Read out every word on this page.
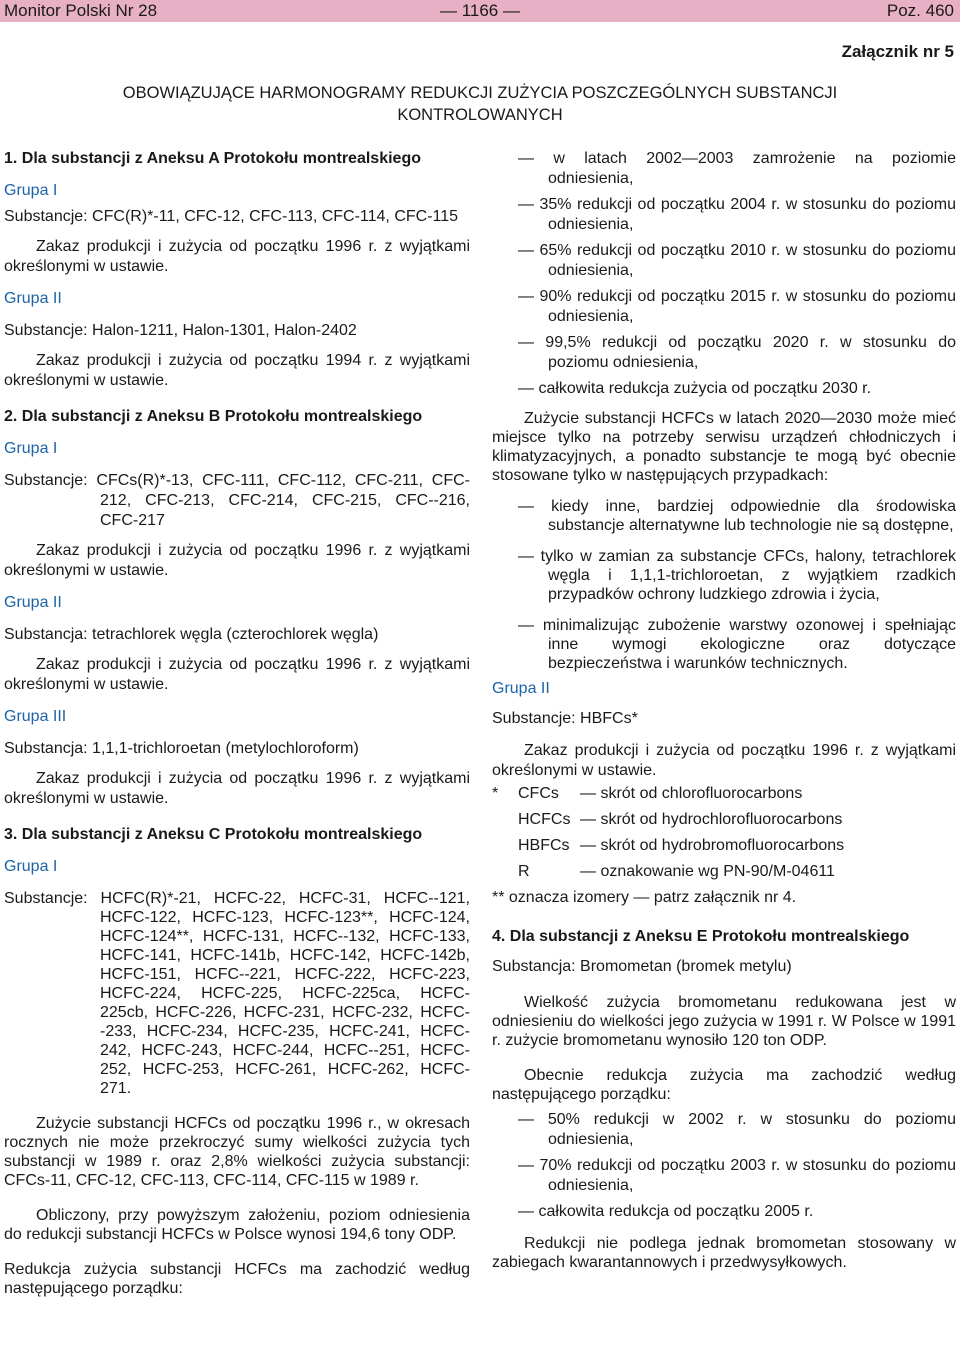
Monitor Polski Nr 28	— 1166 —	Poz. 460
Załącznik nr 5
OBOWIĄZUJĄCE HARMONOGRAMY REDUKCJI ZUŻYCIA POSZCZEGÓLNYCH SUBSTANCJI
KONTROLOWANYCH

1. Dla substancji z Aneksu A Protokołu montrealskiego

Grupa I

Substancje: CFC(R)*-11, CFC-12, CFC-113, CFC-114, CFC-115

Zakaz produkcji i zużycia od początku 1996 r. z wyjątkami określonymi w ustawie.

Grupa II

Substancje: Halon-1211, Halon-1301, Halon-2402

Zakaz produkcji i zużycia od początku 1994 r. z wyjątkami określonymi w ustawie.

2. Dla substancji z Aneksu B Protokołu montrealskiego

Grupa I

Substancje: CFCs(R)*-13, CFC-111, CFC-112, CFC-211, CFC-212, CFC-213, CFC-214, CFC-215, CFC--216, CFC-217

Zakaz produkcji i zużycia od początku 1996 r. z wyjątkami określonymi w ustawie.

Grupa II

Substancja: tetrachlorek węgla (czterochlorek węgla)

Zakaz produkcji i zużycia od początku 1996 r. z wyjątkami określonymi w ustawie.

Grupa III

Substancja: 1,1,1-trichloroetan (metylochloroform)

Zakaz produkcji i zużycia od początku 1996 r. z wyjątkami określonymi w ustawie.

3. Dla substancji z Aneksu C Protokołu montrealskiego

Grupa I

Substancje: HCFC(R)*-21, HCFC-22, HCFC-31, HCFC--121, HCFC-122, HCFC-123, HCFC-123**, HCFC-124, HCFC-124**, HCFC-131, HCFC--132, HCFC-133, HCFC-141, HCFC-141b, HCFC-142, HCFC-142b, HCFC-151, HCFC--221, HCFC-222, HCFC-223, HCFC-224, HCFC-225, HCFC-225ca, HCFC-225cb, HCFC-226, HCFC-231, HCFC-232, HCFC--233, HCFC-234, HCFC-235, HCFC-241, HCFC-242, HCFC-243, HCFC-244, HCFC--251, HCFC-252, HCFC-253, HCFC-261, HCFC-262, HCFC-271.

Zużycie substancji HCFCs od początku 1996 r., w okresach rocznych nie może przekroczyć sumy wielkości zużycia tych substancji w 1989 r. oraz 2,8% wielkości zużycia substancji: CFCs-11, CFC-12, CFC-113, CFC-114, CFC-115 w 1989 r.

Obliczony, przy powyższym założeniu, poziom odniesienia do redukcji substancji HCFCs w Polsce wynosi 194,6 tony ODP.

Redukcja zużycia substancji HCFCs ma zachodzić według następującego porządku:

— w latach 2002—2003 zamrożenie na poziomie odniesienia,

— 35% redukcji od początku 2004 r. w stosunku do poziomu odniesienia,

— 65% redukcji od początku 2010 r. w stosunku do poziomu odniesienia,

— 90% redukcji od początku 2015 r. w stosunku do poziomu odniesienia,

— 99,5% redukcji od początku 2020 r. w stosunku do poziomu odniesienia,

— całkowita redukcja zużycia od początku 2030 r.

Zużycie substancji HCFCs w latach 2020—2030 może mieć miejsce tylko na potrzeby serwisu urządzeń chłodniczych i klimatyzacyjnych, a ponadto substancje te mogą być obecnie stosowane tylko w następujących przypadkach:

— kiedy inne, bardziej odpowiednie dla środowiska substancje alternatywne lub technologie nie są dostępne,

— tylko w zamian za substancje CFCs, halony, tetrachlorek węgla i 1,1,1-trichloroetan, z wyjątkiem rzadkich przypadków ochrony ludzkiego zdrowia i życia,

— minimalizując zubożenie warstwy ozonowej i spełniając inne wymogi ekologiczne oraz dotyczące bezpieczeństwa i warunków technicznych.

Grupa II

Substancje: HBFCs*

Zakaz produkcji i zużycia od początku 1996 r. z wyjątkami określonymi w ustawie.

*	CFCs	— skrót od chlorofluorocarbons
	HCFCs	— skrót od hydrochlorofluorocarbons
	HBFCs	— skrót od hydrobromofluorocarbons
	R	— oznakowanie wg PN-90/M-04611

** oznacza izomery — patrz załącznik nr 4.

4. Dla substancji z Aneksu E Protokołu montrealskiego

Substancja: Bromometan (bromek metylu)

Wielkość zużycia bromometanu redukowana jest w odniesieniu do wielkości jego zużycia w 1991 r. W Polsce w 1991 r. zużycie bromometanu wynosiło 120 ton ODP.

Obecnie redukcja zużycia ma zachodzić według następującego porządku:

— 50% redukcji w 2002 r. w stosunku do poziomu odniesienia,

— 70% redukcji od początku 2003 r. w stosunku do poziomu odniesienia,

— całkowita redukcja od początku 2005 r.

Redukcji nie podlega jednak bromometan stosowany w zabiegach kwarantannowych i przedwysyłkowych.
